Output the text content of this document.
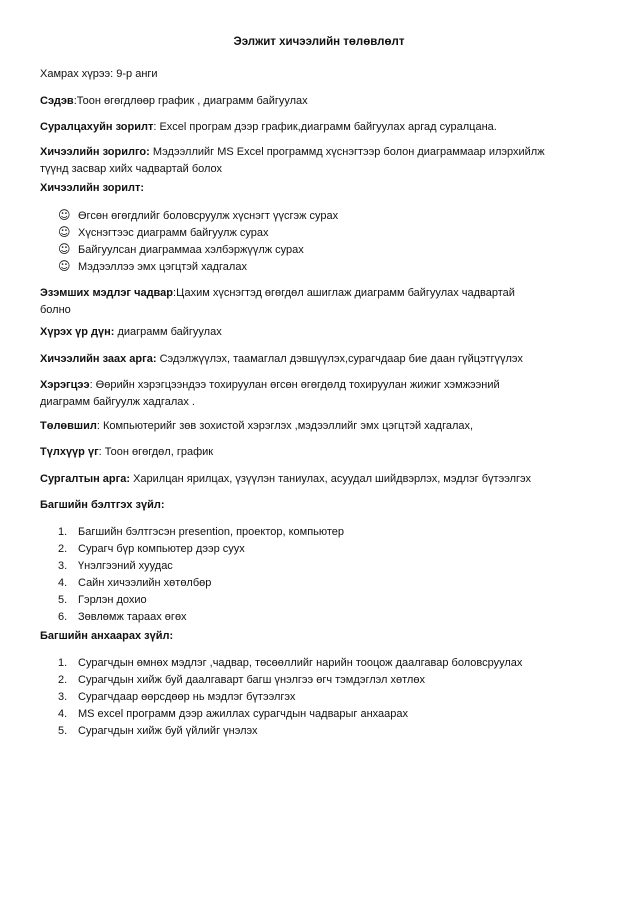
Ээлжит хичээлийн төлөвлөлт
Хамрах хүрээ: 9-р анги
Сэдэв:Тоон өгөгдлөөр график , диаграмм байгуулах
Суралцахуйн зорилт: Excel програм дээр график,диаграмм байгуулах аргад суралцана.
Хичээлийн зорилго: Мэдээллийг MS Excel программд хүснэгтээр болон диаграммаар илэрхийлж
түүнд засвар хийх чадвартай болох
Хичээлийн зорилт:
☺ Өгсөн өгөгдлийг боловсруулж хүснэгт үүсгэж сурах
☺ Хүснэгтээс диаграмм байгуулж сурах
☺ Байгуулсан диаграммаа хэлбэржүүлж сурах
☺ Мэдээллээ эмх цэгцтэй хадгалах
Эзэмших мэдлэг чадвар:Цахим хүснэгтэд өгөгдөл ашиглаж диаграмм байгуулах чадвартай
болно
Хүрэх үр дүн: диаграмм байгуулах
Хичээлийн заах арга: Сэдэлжүүлэх, таамаглал дэвшүүлэх,сурагчдаар бие даан гүйцэтгүүлэх
Хэрэгцээ: Өөрийн хэрэгцээндээ тохируулан өгсөн өгөгдөлд тохируулан жижиг хэмжээний
диаграмм байгуулж хадгалах .
Төлөвшил: Компьютерийг зөв зохистой хэрэглэх ,мэдээллийг эмх цэгцтэй хадгалах,
Түлхүүр үг: Тоон өгөгдөл, график
Сургалтын арга: Харилцан ярилцах, үзүүлэн таниулах, асуудал шийдвэрлэх, мэдлэг бүтээлгэх
Багшийн бэлтгэх зүйл:
1. Багшийн бэлтгэсэн presention, проектор, компьютер
2. Сурагч бүр компьютер дээр суух
3. Үнэлгээний хуудас
4. Сайн хичээлийн хөтөлбөр
5. Гэрлэн дохио
6. Зөвлөмж тараах өгөх
Багшийн анхаарах зүйл:
1. Сурагчдын өмнөх мэдлэг ,чадвар, төсөөллийг нарийн тооцож даалгавар боловсруулах
2. Сурагчдын хийж буй даалгаварт багш үнэлгээ өгч тэмдэглэл хөтлөх
3. Сурагчдаар өөрсдөөр нь мэдлэг бүтээлгэх
4. MS excel программ дээр ажиллах сурагчдын чадварыг анхаарах
5. Сурагчдын хийж буй үйлийг үнэлэх
